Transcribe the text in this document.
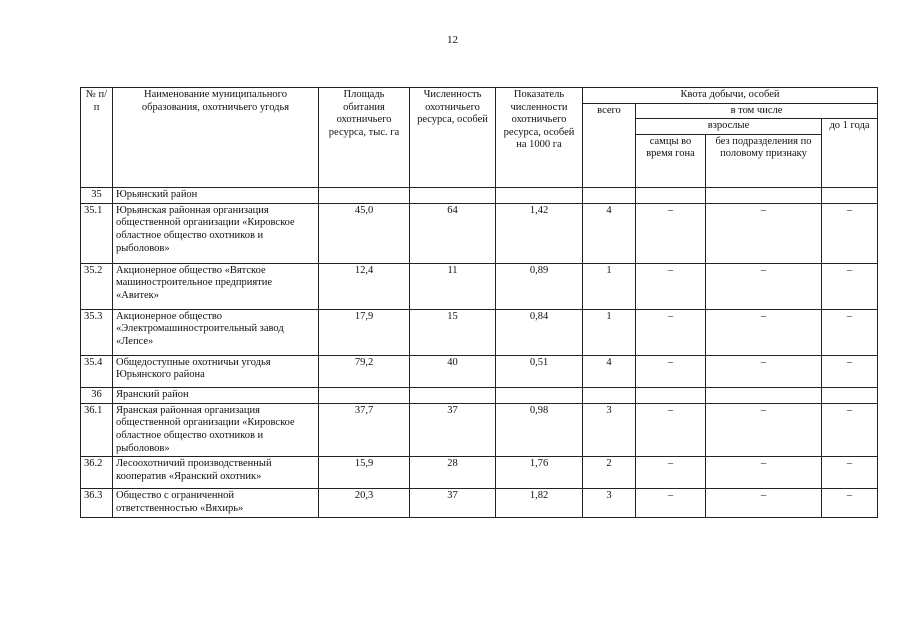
12
№ п/п	Наименование муниципального образования, охотничьего угодья	Площадь обитания охотничьего ресурса, тыс. га	Численность охотничьего ресурса, особей	Показатель численности охотничьего ресурса, особей на 1000 га	Квота добычи, особей			
					всего	в том числе		
						взрослые		до 1 года
						самцы во время гона	без подразделения по половому признаку	
35	Юрьянский район							
35.1	Юрьянская районная организация общественной организации «Кировское областное общество охотников и рыболовов»	45,0	64	1,42	4	–	–	–
35.2	Акционерное общество «Вятское машиностроительное предприятие «Авитек»	12,4	11	0,89	1	–	–	–
35.3	Акционерное общество «Электромашиностроительный завод «Лепсе»	17,9	15	0,84	1	–	–	–
35.4	Общедоступные охотничьи угодья Юрьянского района	79,2	40	0,51	4	–	–	–
36	Яранский район							
36.1	Яранская районная организация общественной организации «Кировское областное общество охотников и рыболовов»	37,7	37	0,98	3	–	–	–
36.2	Лесоохотничий производственный кооператив «Яранский охотник»	15,9	28	1,76	2	–	–	–
36.3	Общество с ограниченной ответственностью «Вяхирь»	20,3	37	1,82	3	–	–	–
